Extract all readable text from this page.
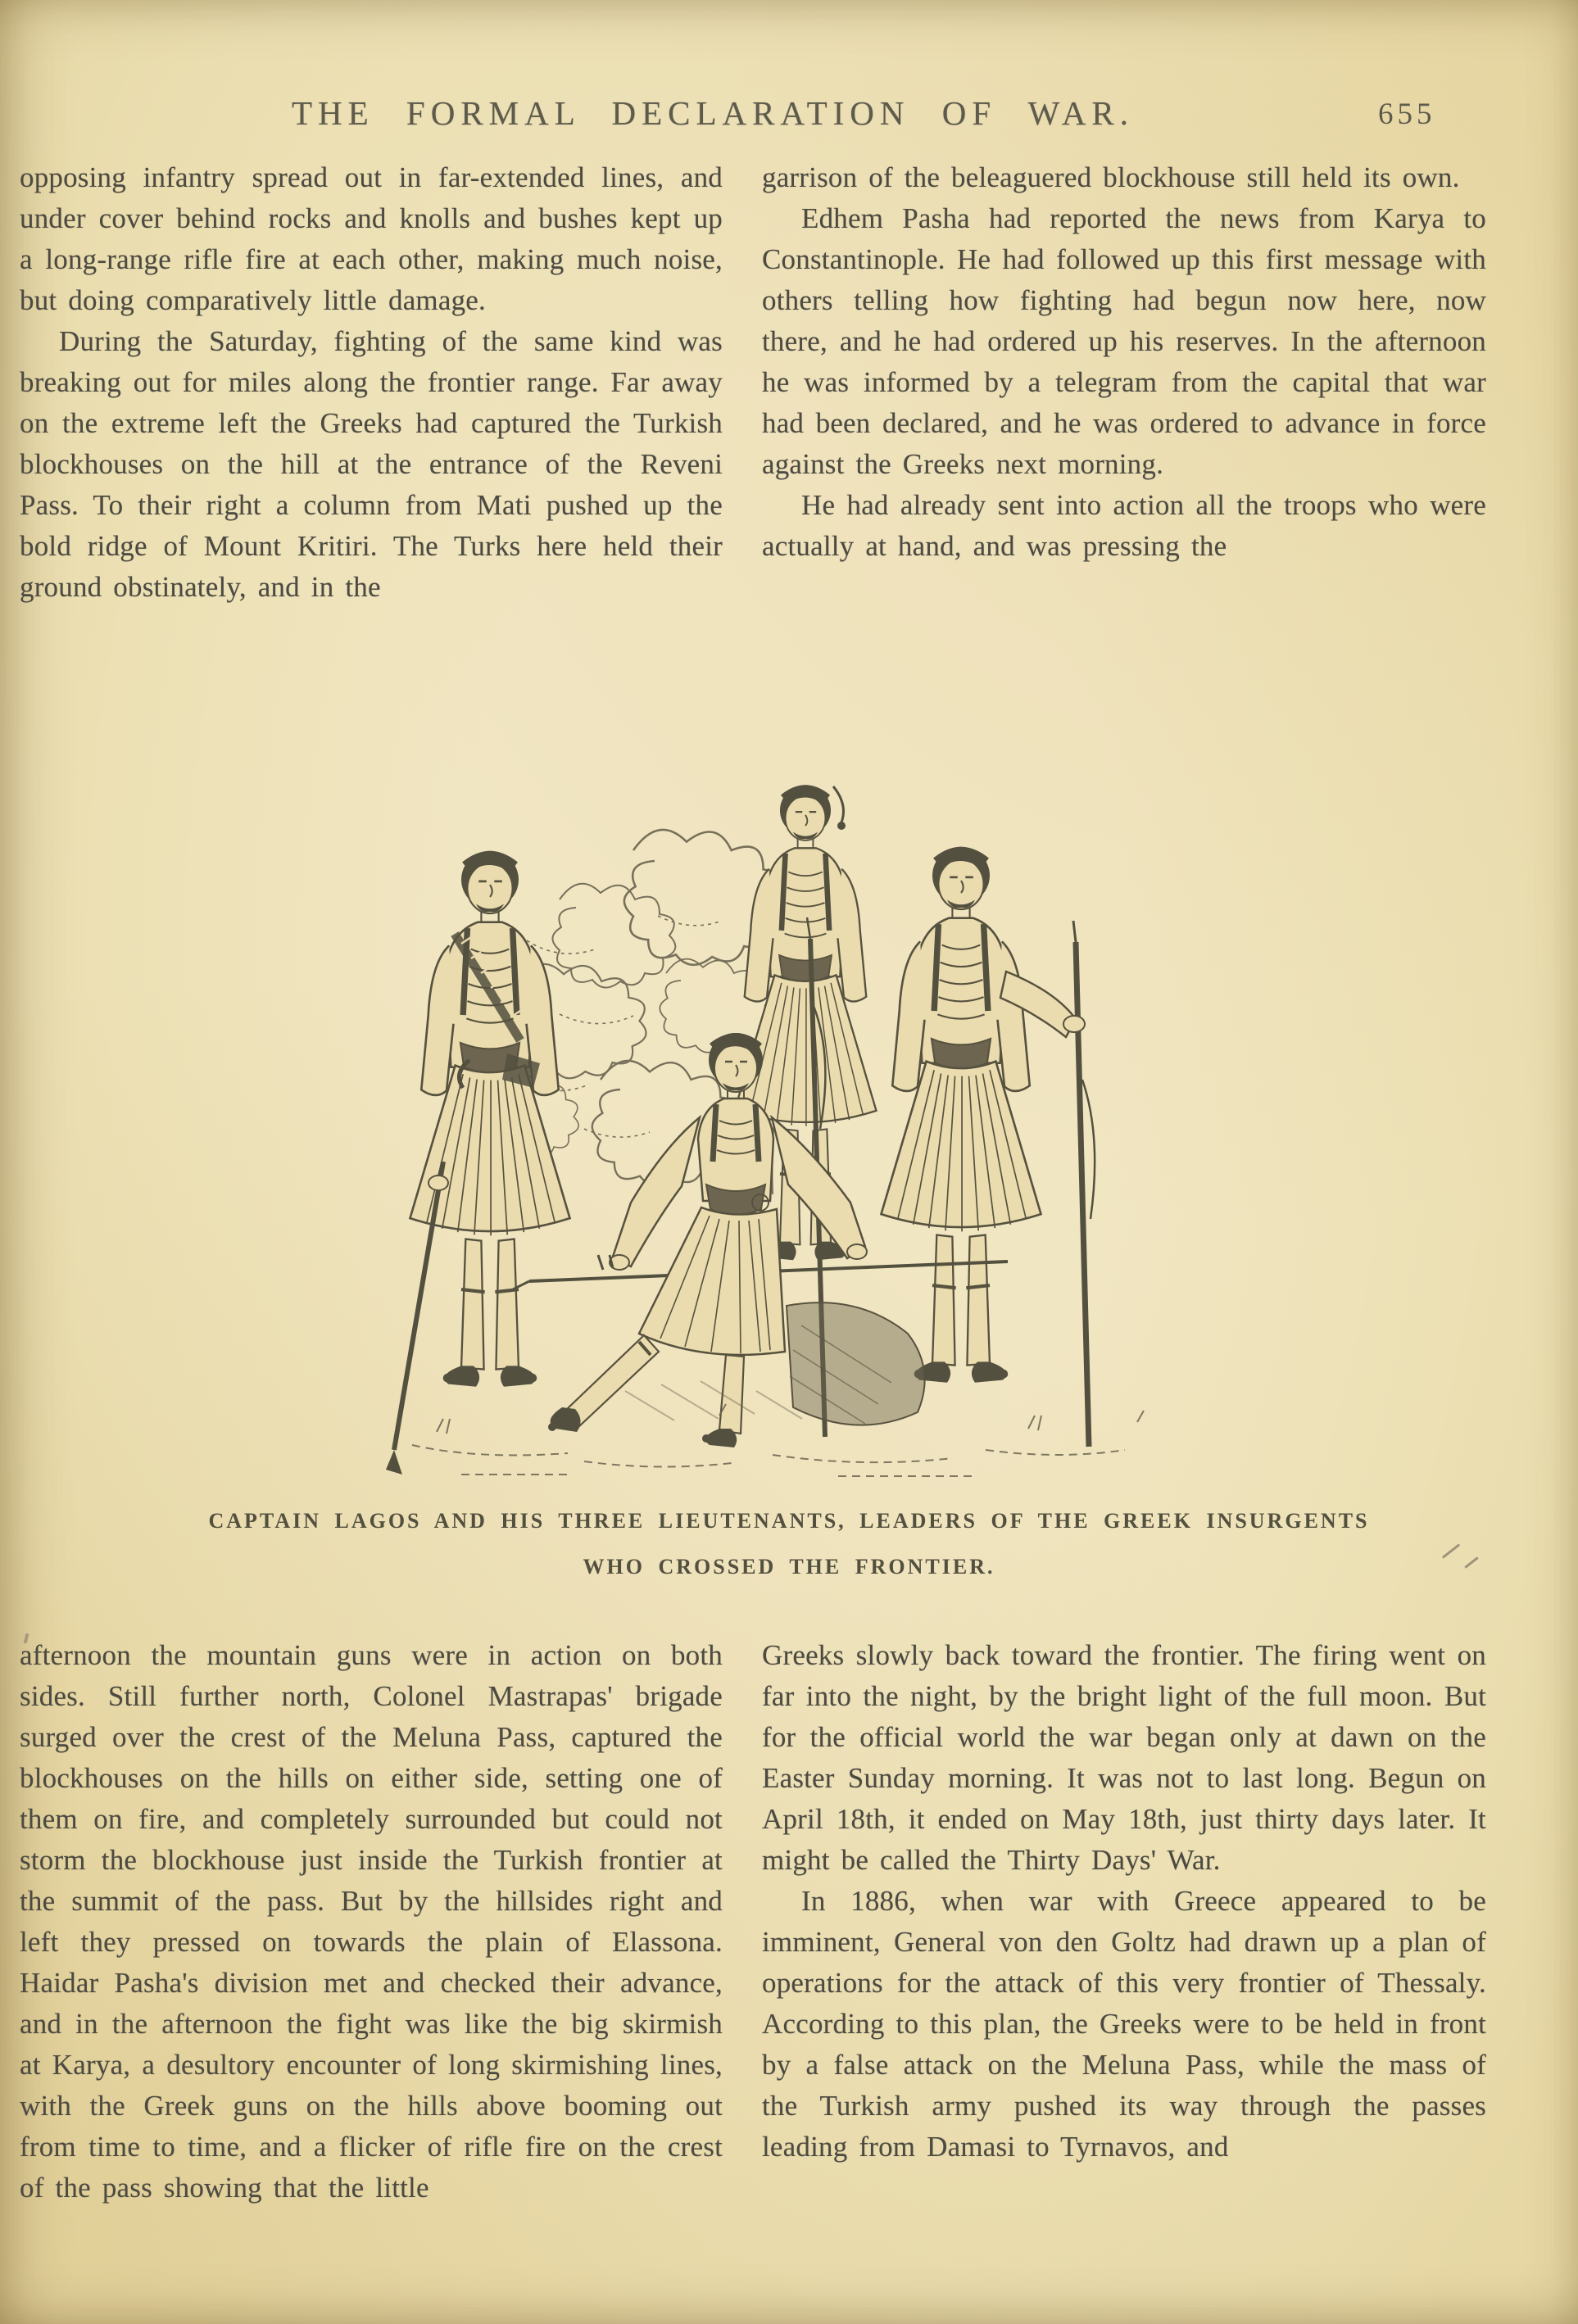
THE FORMAL DECLARATION OF WAR.	655

opposing infantry spread out in far-extended lines, and under cover behind rocks and knolls and bushes kept up a long-range rifle fire at each other, making much noise, but doing comparatively little damage.

During the Saturday, fighting of the same kind was breaking out for miles along the frontier range. Far away on the extreme left the Greeks had captured the Turkish blockhouses on the hill at the entrance of the Reveni Pass. To their right a column from Mati pushed up the bold ridge of Mount Kritiri. The Turks here held their ground obstinately, and in the

garrison of the beleaguered blockhouse still held its own.

Edhem Pasha had reported the news from Karya to Constantinople. He had followed up this first message with others telling how fighting had begun now here, now there, and he had ordered up his reserves. In the afternoon he was informed by a telegram from the capital that war had been declared, and he was ordered to advance in force against the Greeks next morning.

He had already sent into action all the troops who were actually at hand, and was pressing the

CAPTAIN LAGOS AND HIS THREE LIEUTENANTS, LEADERS OF THE GREEK INSURGENTS

WHO CROSSED THE FRONTIER.

afternoon the mountain guns were in action on both sides. Still further north, Colonel Mastrapas' brigade surged over the crest of the Meluna Pass, captured the blockhouses on the hills on either side, setting one of them on fire, and completely surrounded but could not storm the blockhouse just inside the Turkish frontier at the summit of the pass. But by the hillsides right and left they pressed on towards the plain of Elassona. Haidar Pasha's division met and checked their advance, and in the afternoon the fight was like the big skirmish at Karya, a desultory encounter of long skirmishing lines, with the Greek guns on the hills above booming out from time to time, and a flicker of rifle fire on the crest of the pass showing that the little

Greeks slowly back toward the frontier. The firing went on far into the night, by the bright light of the full moon. But for the official world the war began only at dawn on the Easter Sunday morning. It was not to last long. Begun on April 18th, it ended on May 18th, just thirty days later. It might be called the Thirty Days' War.

In 1886, when war with Greece appeared to be imminent, General von den Goltz had drawn up a plan of operations for the attack of this very frontier of Thessaly. According to this plan, the Greeks were to be held in front by a false attack on the Meluna Pass, while the mass of the Turkish army pushed its way through the passes leading from Damasi to Tyrnavos, and
